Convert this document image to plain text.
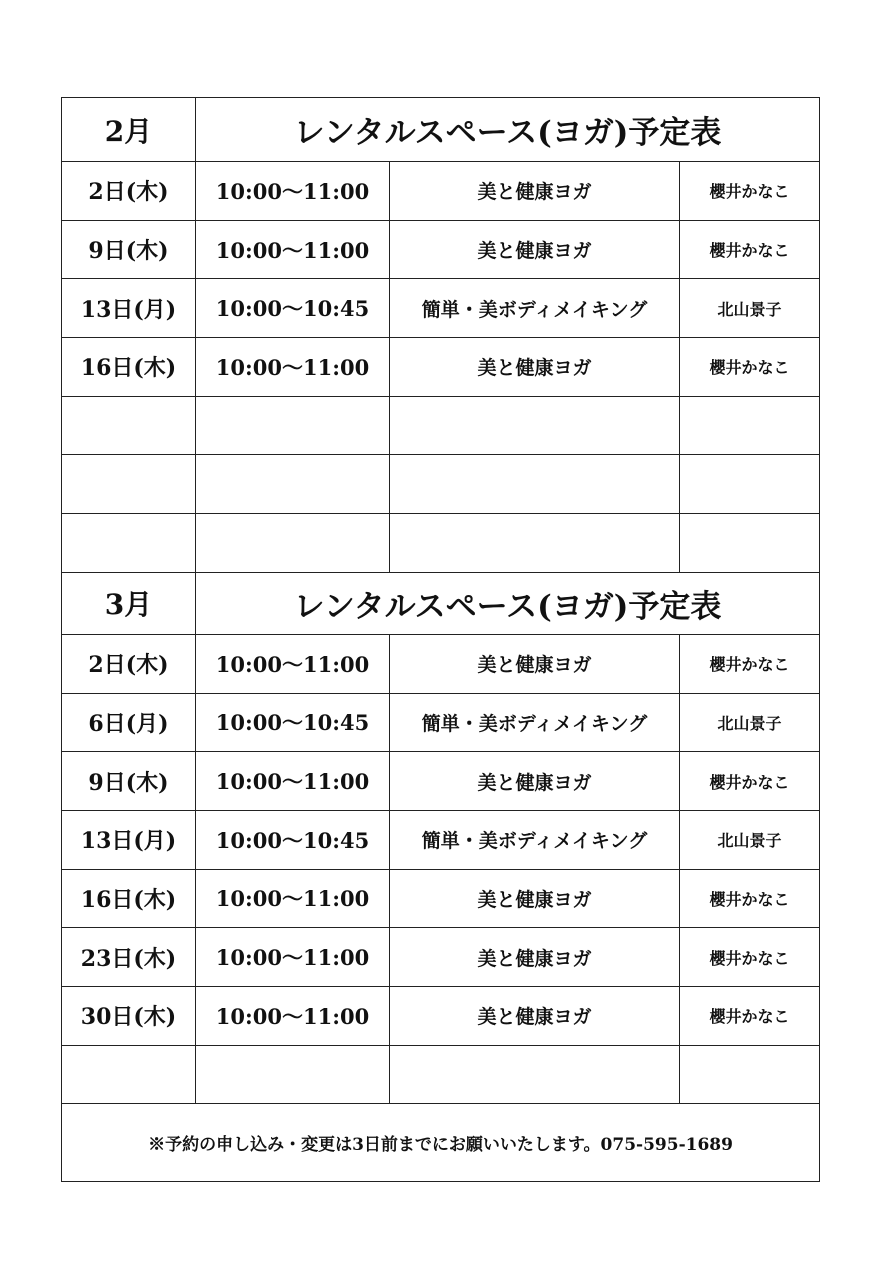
2月	レンタルスペース(ヨガ)予定表		
2日(木)	10:00～11:00	美と健康ヨガ	櫻井かなこ
9日(木)	10:00～11:00	美と健康ヨガ	櫻井かなこ
13日(月)	10:00～10:45	簡単・美ボディメイキング	北山景子
16日(木)	10:00～11:00	美と健康ヨガ	櫻井かなこ

3月	レンタルスペース(ヨガ)予定表		
2日(木)	10:00～11:00	美と健康ヨガ	櫻井かなこ
6日(月)	10:00～10:45	簡単・美ボディメイキング	北山景子
9日(木)	10:00～11:00	美と健康ヨガ	櫻井かなこ
13日(月)	10:00～10:45	簡単・美ボディメイキング	北山景子
16日(木)	10:00～11:00	美と健康ヨガ	櫻井かなこ
23日(木)	10:00～11:00	美と健康ヨガ	櫻井かなこ
30日(木)	10:00～11:00	美と健康ヨガ	櫻井かなこ

※予約の申し込み・変更は3日前までにお願いいたします。075-595-1689			
